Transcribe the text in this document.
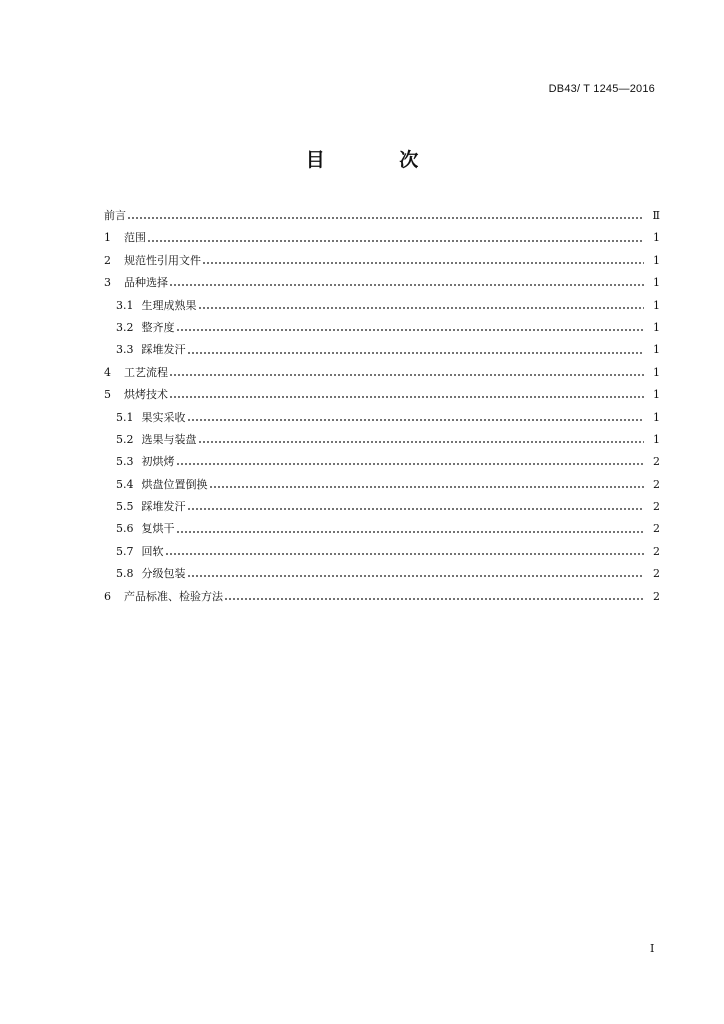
DB43/ T 1245—2016
目 次
前言	Ⅱ
1	范围	1
2	规范性引用文件	1
3	品种选择	1
3.1 生理成熟果	1
3.2 整齐度	1
3.3 踩堆发汗	1
4	工艺流程	1
5	烘烤技术	1
5.1 果实采收	1
5.2 选果与装盘	1
5.3 初烘烤	2
5.4 烘盘位置倒换	2
5.5 踩堆发汗	2
5.6 复烘干	2
5.7 回软	2
5.8 分级包装	2
6	产品标准、检验方法	2
I
